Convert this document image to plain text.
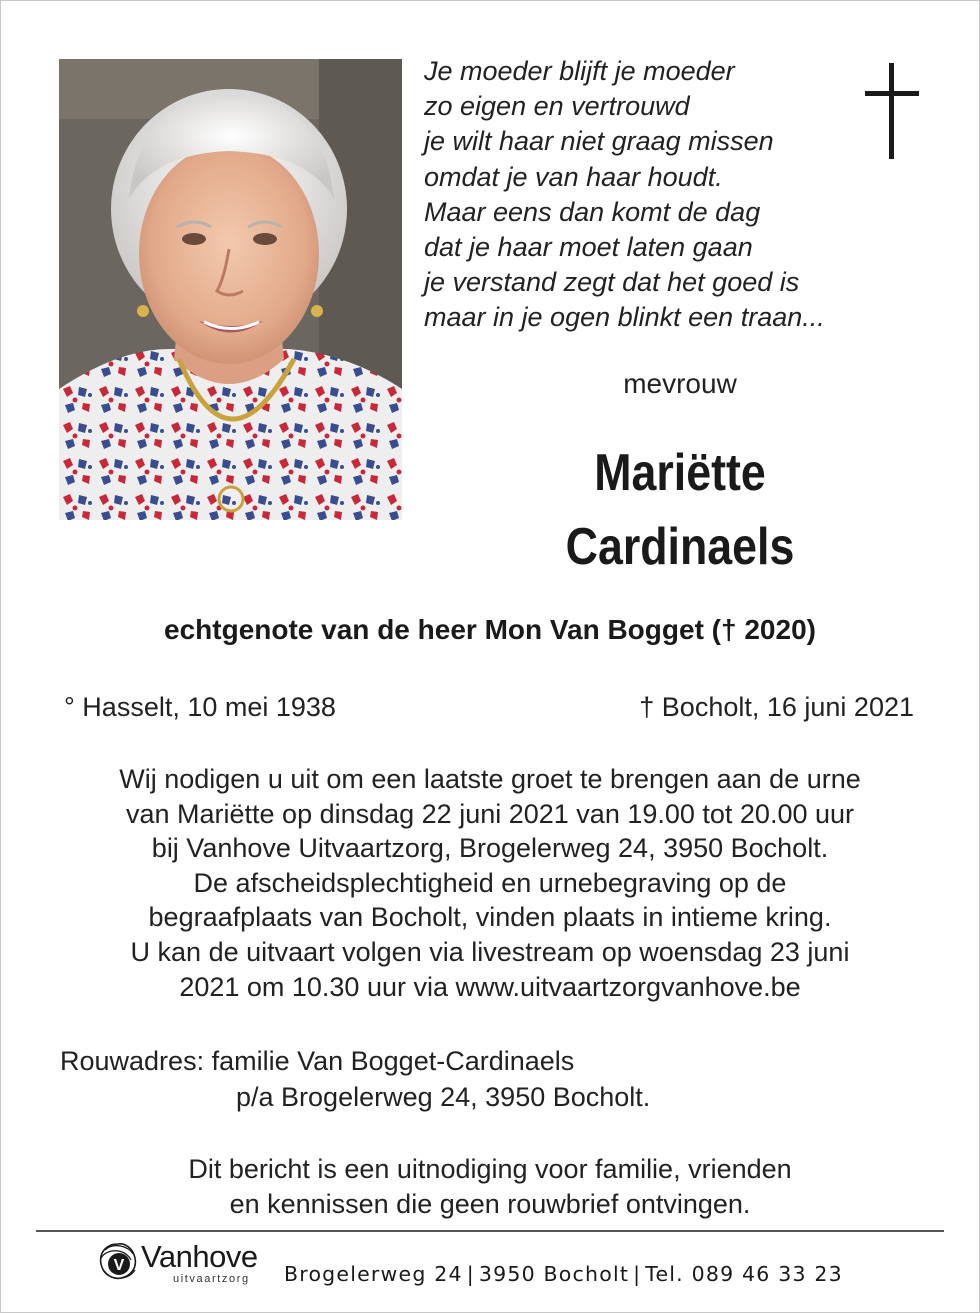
Je moeder blijft je moeder
zo eigen en vertrouwd
je wilt haar niet graag missen
omdat je van haar houdt.
Maar eens dan komt de dag
dat je haar moet laten gaan
je verstand zegt dat het goed is
maar in je ogen blinkt een traan...
mevrouw
Mariëtte
Cardinaels
echtgenote van de heer Mon Van Bogget († 2020)
° Hasselt, 10 mei 1938	† Bocholt, 16 juni 2021
Wij nodigen u uit om een laatste groet te brengen aan de urne
van Mariëtte op dinsdag 22 juni 2021 van 19.00 tot 20.00 uur
bij Vanhove Uitvaartzorg, Brogelerweg 24, 3950 Bocholt.
De afscheidsplechtigheid en urnebegraving op de
begraafplaats van Bocholt, vinden plaats in intieme kring.
U kan de uitvaart volgen via livestream op woensdag 23 juni
2021 om 10.30 uur via www.uitvaartzorgvanhove.be
Rouwadres: familie Van Bogget-Cardinaels
p/a Brogelerweg 24, 3950 Bocholt.
Dit bericht is een uitnodiging voor familie, vrienden
en kennissen die geen rouwbrief ontvingen.
V Vanhove
uitvaartzorg Brogelerweg 24 | 3950 Bocholt | Tel. 089 46 33 23
